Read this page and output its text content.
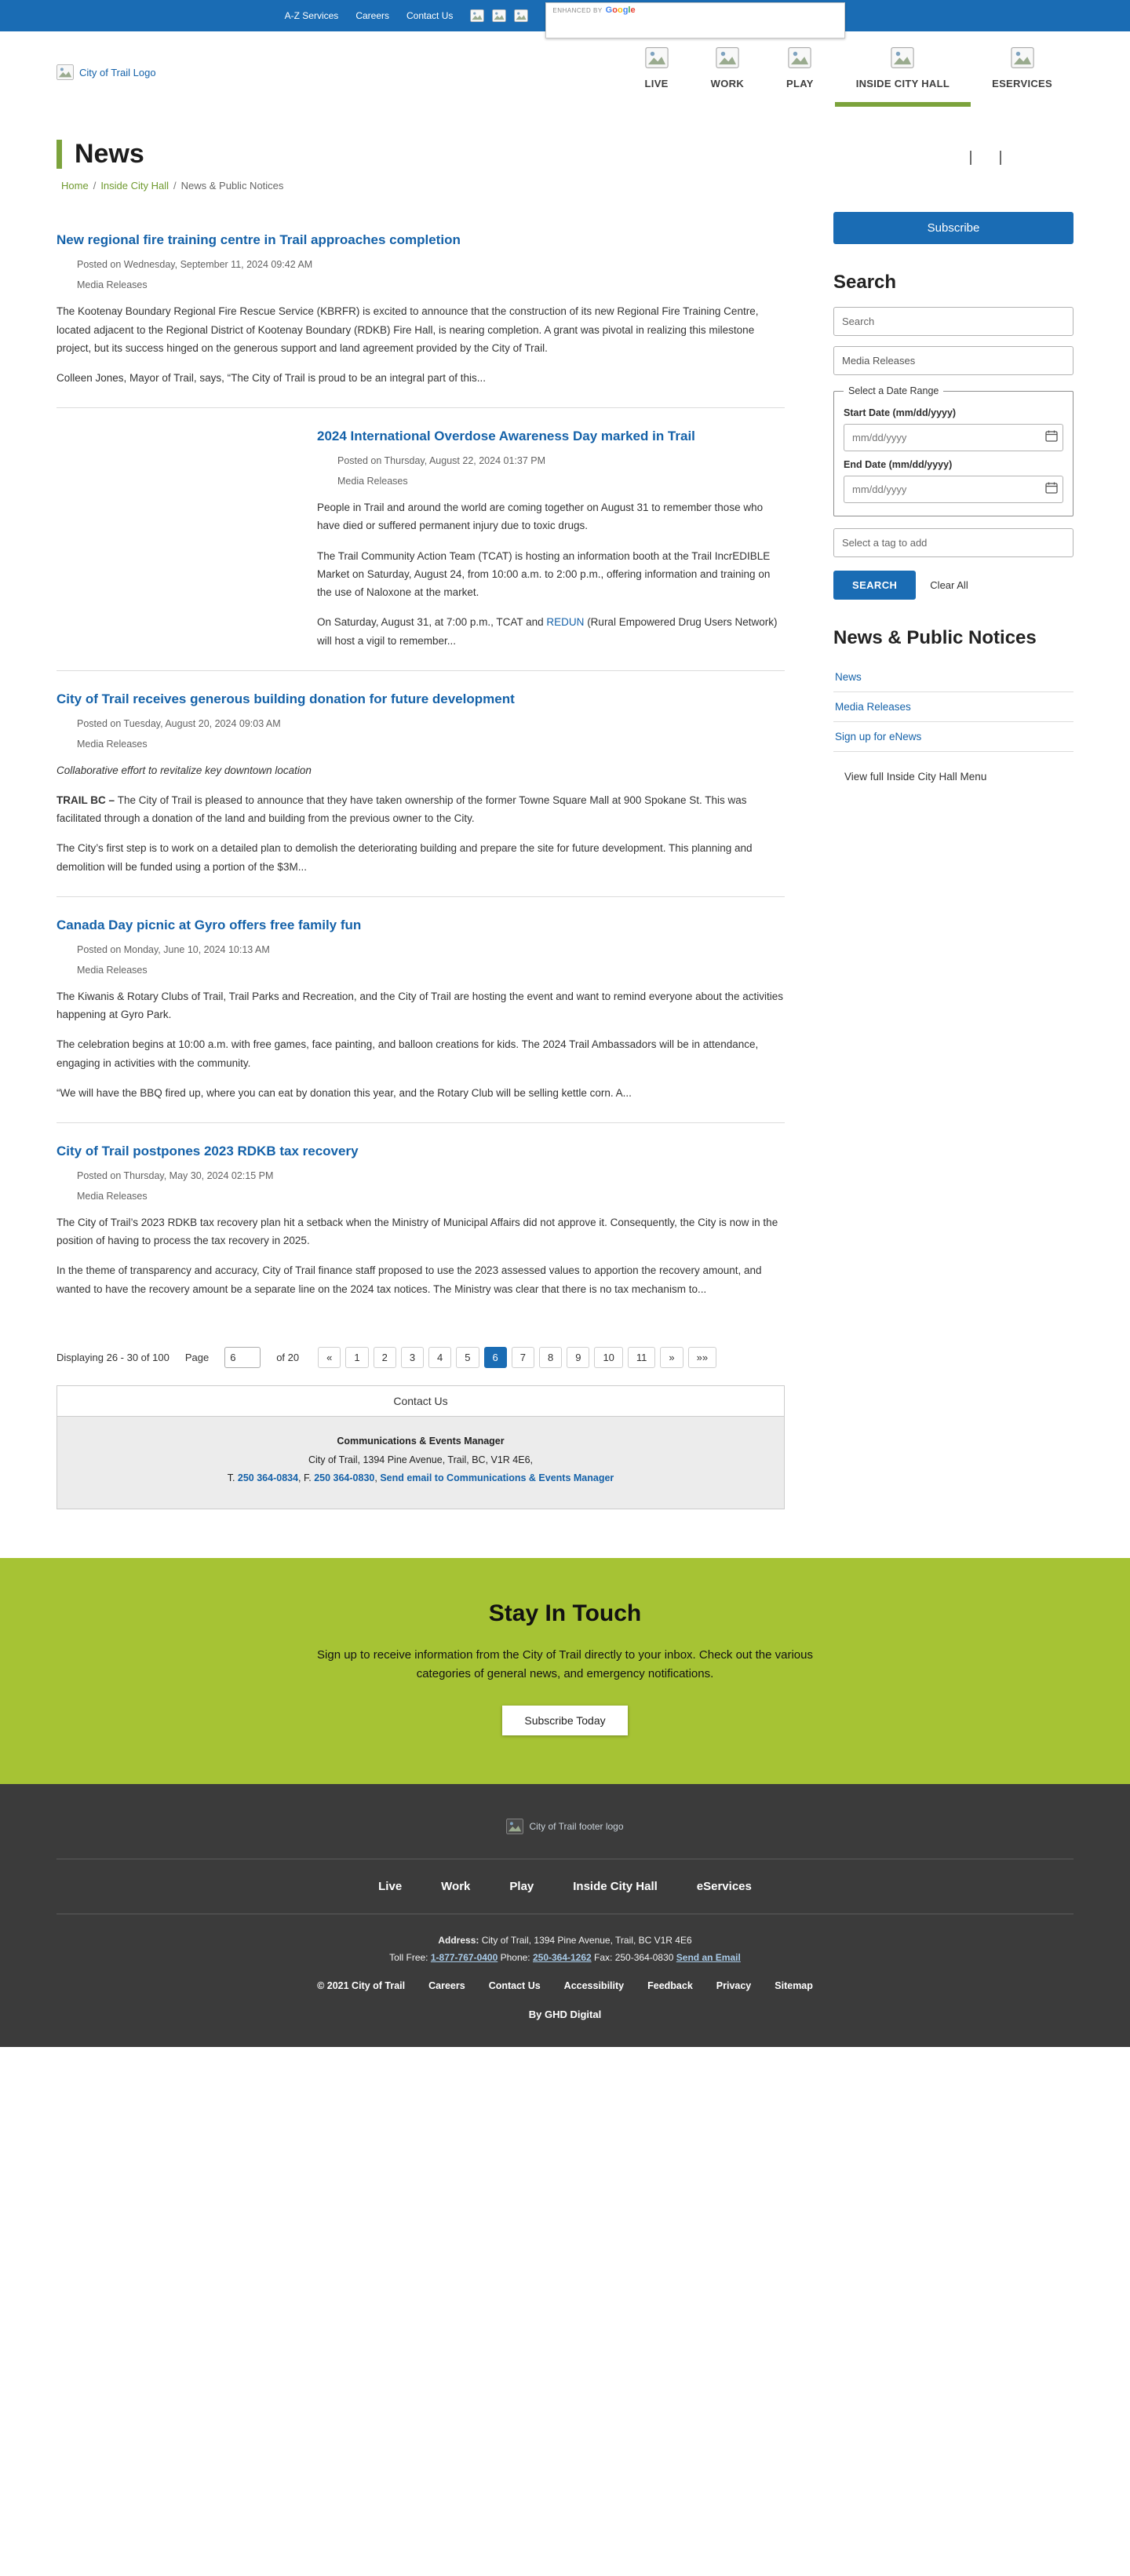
A-Z Services Careers Contact Us	ENHANCED BY Google
City of Trail Logo
LIVE	WORK	PLAY	INSIDE CITY HALL	ESERVICES
News
Home / Inside City Hall / News & Public Notices
New regional fire training centre in Trail approaches completion
Posted on Wednesday, September 11, 2024 09:42 AM
Media Releases

The Kootenay Boundary Regional Fire Rescue Service (KBRFR) is excited to announce that the construction of its new Regional Fire Training Centre, located adjacent to the Regional District of Kootenay Boundary (RDKB) Fire Hall, is nearing completion. A grant was pivotal in realizing this milestone project, but its success hinged on the generous support and land agreement provided by the City of Trail.

Colleen Jones, Mayor of Trail, says, “The City of Trail is proud to be an integral part of this...

2024 International Overdose Awareness Day marked in Trail
Posted on Thursday, August 22, 2024 01:37 PM
Media Releases

People in Trail and around the world are coming together on August 31 to remember those who have died or suffered permanent injury due to toxic drugs.

The Trail Community Action Team (TCAT) is hosting an information booth at the Trail IncrEDIBLE Market on Saturday, August 24, from 10:00 a.m. to 2:00 p.m., offering information and training on the use of Naloxone at the market.

On Saturday, August 31, at 7:00 p.m., TCAT and REDUN (Rural Empowered Drug Users Network) will host a vigil to remember...

City of Trail receives generous building donation for future development
Posted on Tuesday, August 20, 2024 09:03 AM
Media Releases

Collaborative effort to revitalize key downtown location

TRAIL BC – The City of Trail is pleased to announce that they have taken ownership of the former Towne Square Mall at 900 Spokane St. This was facilitated through a donation of the land and building from the previous owner to the City.

The City’s first step is to work on a detailed plan to demolish the deteriorating building and prepare the site for future development. This planning and demolition will be funded using a portion of the $3M...

Canada Day picnic at Gyro offers free family fun
Posted on Monday, June 10, 2024 10:13 AM
Media Releases

The Kiwanis & Rotary Clubs of Trail, Trail Parks and Recreation, and the City of Trail are hosting the event and want to remind everyone about the activities happening at Gyro Park.

The celebration begins at 10:00 a.m. with free games, face painting, and balloon creations for kids. The 2024 Trail Ambassadors will be in attendance, engaging in activities with the community.

“We will have the BBQ fired up, where you can eat by donation this year, and the Rotary Club will be selling kettle corn. A...

City of Trail postpones 2023 RDKB tax recovery
Posted on Thursday, May 30, 2024 02:15 PM
Media Releases

The City of Trail’s 2023 RDKB tax recovery plan hit a setback when the Ministry of Municipal Affairs did not approve it. Consequently, the City is now in the position of having to process the tax recovery in 2025.

In the theme of transparency and accuracy, City of Trail finance staff proposed to use the 2023 assessed values to apportion the recovery amount, and wanted to have the recovery amount be a separate line on the 2024 tax notices. The Ministry was clear that there is no tax mechanism to...

Displaying 26 - 30 of 100 Page
6	of 20	«	1	2	3	4	5	6	7	8	9	10	11	»	»»
Contact Us
Communications & Events Manager
City of Trail, 1394 Pine Avenue, Trail, BC, V1R 4E6,
T. 250 364-0834, F. 250 364-0830, Send email to Communications & Events Manager
Subscribe
Search
Search
Media Releases
Select a Date Range
Start Date (mm/dd/yyyy)
mm/dd/yyyy
End Date (mm/dd/yyyy)
mm/dd/yyyy
Select a tag to add
SEARCH	Clear All
News & Public Notices
News
Media Releases
Sign up for eNews
View full Inside City Hall Menu
Stay In Touch

Sign up to receive information from the City of Trail directly to your inbox. Check out the various categories of general news, and emergency notifications.

Subscribe Today
City of Trail footer logo
Live	Work	Play	Inside City Hall	eServices
Address: City of Trail, 1394 Pine Avenue, Trail, BC V1R 4E6
Toll Free: 1-877-767-0400 Phone: 250-364-1262 Fax: 250-364-0830 Send an Email
© 2021 City of Trail Careers Contact Us Accessibility Feedback Privacy Sitemap
By GHD Digital
